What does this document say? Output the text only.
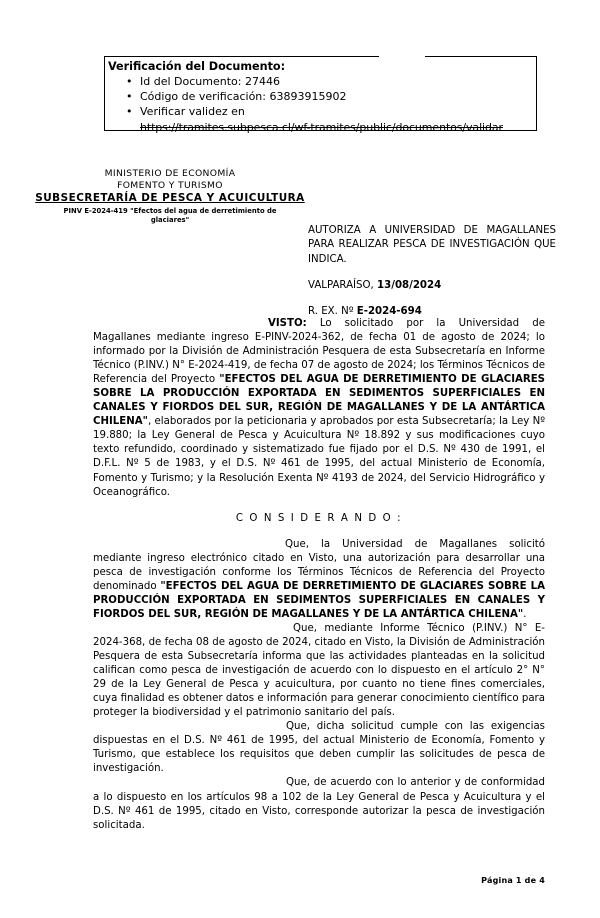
Verificación del Documento:
• Id del Documento: 27446
• Código de verificación: 63893915902
• Verificar validez en
https://tramites.subpesca.cl/wf-tramites/public/documentos/validar
MINISTERIO DE ECONOMÍA
FOMENTO Y TURISMO
SUBSECRETARÍA DE PESCA Y ACUICULTURA
PINV E-2024-419 "Efectos del agua de derretimiento de glaciares"
AUTORIZA A UNIVERSIDAD DE MAGALLANES PARA REALIZAR PESCA DE INVESTIGACIÓN QUE INDICA.
VALPARAÍSO, 13/08/2024
R. EX. Nº E-2024-694

VISTO: Lo solicitado por la Universidad de Magallanes mediante ingreso E-PINV-2024-362, de fecha 01 de agosto de 2024; lo informado por la División de Administración Pesquera de esta Subsecretaría en Informe Técnico (P.INV.) N° E-2024-419, de fecha 07 de agosto de 2024; los Términos Técnicos de Referencia del Proyecto "EFECTOS DEL AGUA DE DERRETIMIENTO DE GLACIARES SOBRE LA PRODUCCIÓN EXPORTADA EN SEDIMENTOS SUPERFICIALES EN CANALES Y FIORDOS DEL SUR, REGIÓN DE MAGALLANES Y DE LA ANTÁRTICA CHILENA", elaborados por la peticionaria y aprobados por esta Subsecretaría; la Ley Nº 19.880; la Ley General de Pesca y Acuicultura Nº 18.892 y sus modificaciones cuyo texto refundido, coordinado y sistematizado fue fijado por el D.S. Nº 430 de 1991, el D.F.L. Nº 5 de 1983, y el D.S. Nº 461 de 1995, del actual Ministerio de Economía, Fomento y Turismo; y la Resolución Exenta Nº 4193 de 2024, del Servicio Hidrográfico y Oceanográfico.

C O N S I D E R A N D O :

Que, la Universidad de Magallanes solicitó mediante ingreso electrónico citado en Visto, una autorización para desarrollar una pesca de investigación conforme los Términos Técnicos de Referencia del Proyecto denominado "EFECTOS DEL AGUA DE DERRETIMIENTO DE GLACIARES SOBRE LA PRODUCCIÓN EXPORTADA EN SEDIMENTOS SUPERFICIALES EN CANALES Y FIORDOS DEL SUR, REGIÓN DE MAGALLANES Y DE LA ANTÁRTICA CHILENA".

Que, mediante Informe Técnico (P.INV.) N° E-2024-368, de fecha 08 de agosto de 2024, citado en Visto, la División de Administración Pesquera de esta Subsecretaría informa que las actividades planteadas en la solicitud califican como pesca de investigación de acuerdo con lo dispuesto en el artículo 2° N° 29 de la Ley General de Pesca y acuicultura, por cuanto no tiene fines comerciales, cuya finalidad es obtener datos e información para generar conocimiento científico para proteger la biodiversidad y el patrimonio sanitario del país.

Que, dicha solicitud cumple con las exigencias dispuestas en el D.S. Nº 461 de 1995, del actual Ministerio de Economía, Fomento y Turismo, que establece los requisitos que deben cumplir las solicitudes de pesca de investigación.

Que, de acuerdo con lo anterior y de conformidad a lo dispuesto en los artículos 98 a 102 de la Ley General de Pesca y Acuicultura y el D.S. Nº 461 de 1995, citado en Visto, corresponde autorizar la pesca de investigación solicitada.

Página 1 de 4
